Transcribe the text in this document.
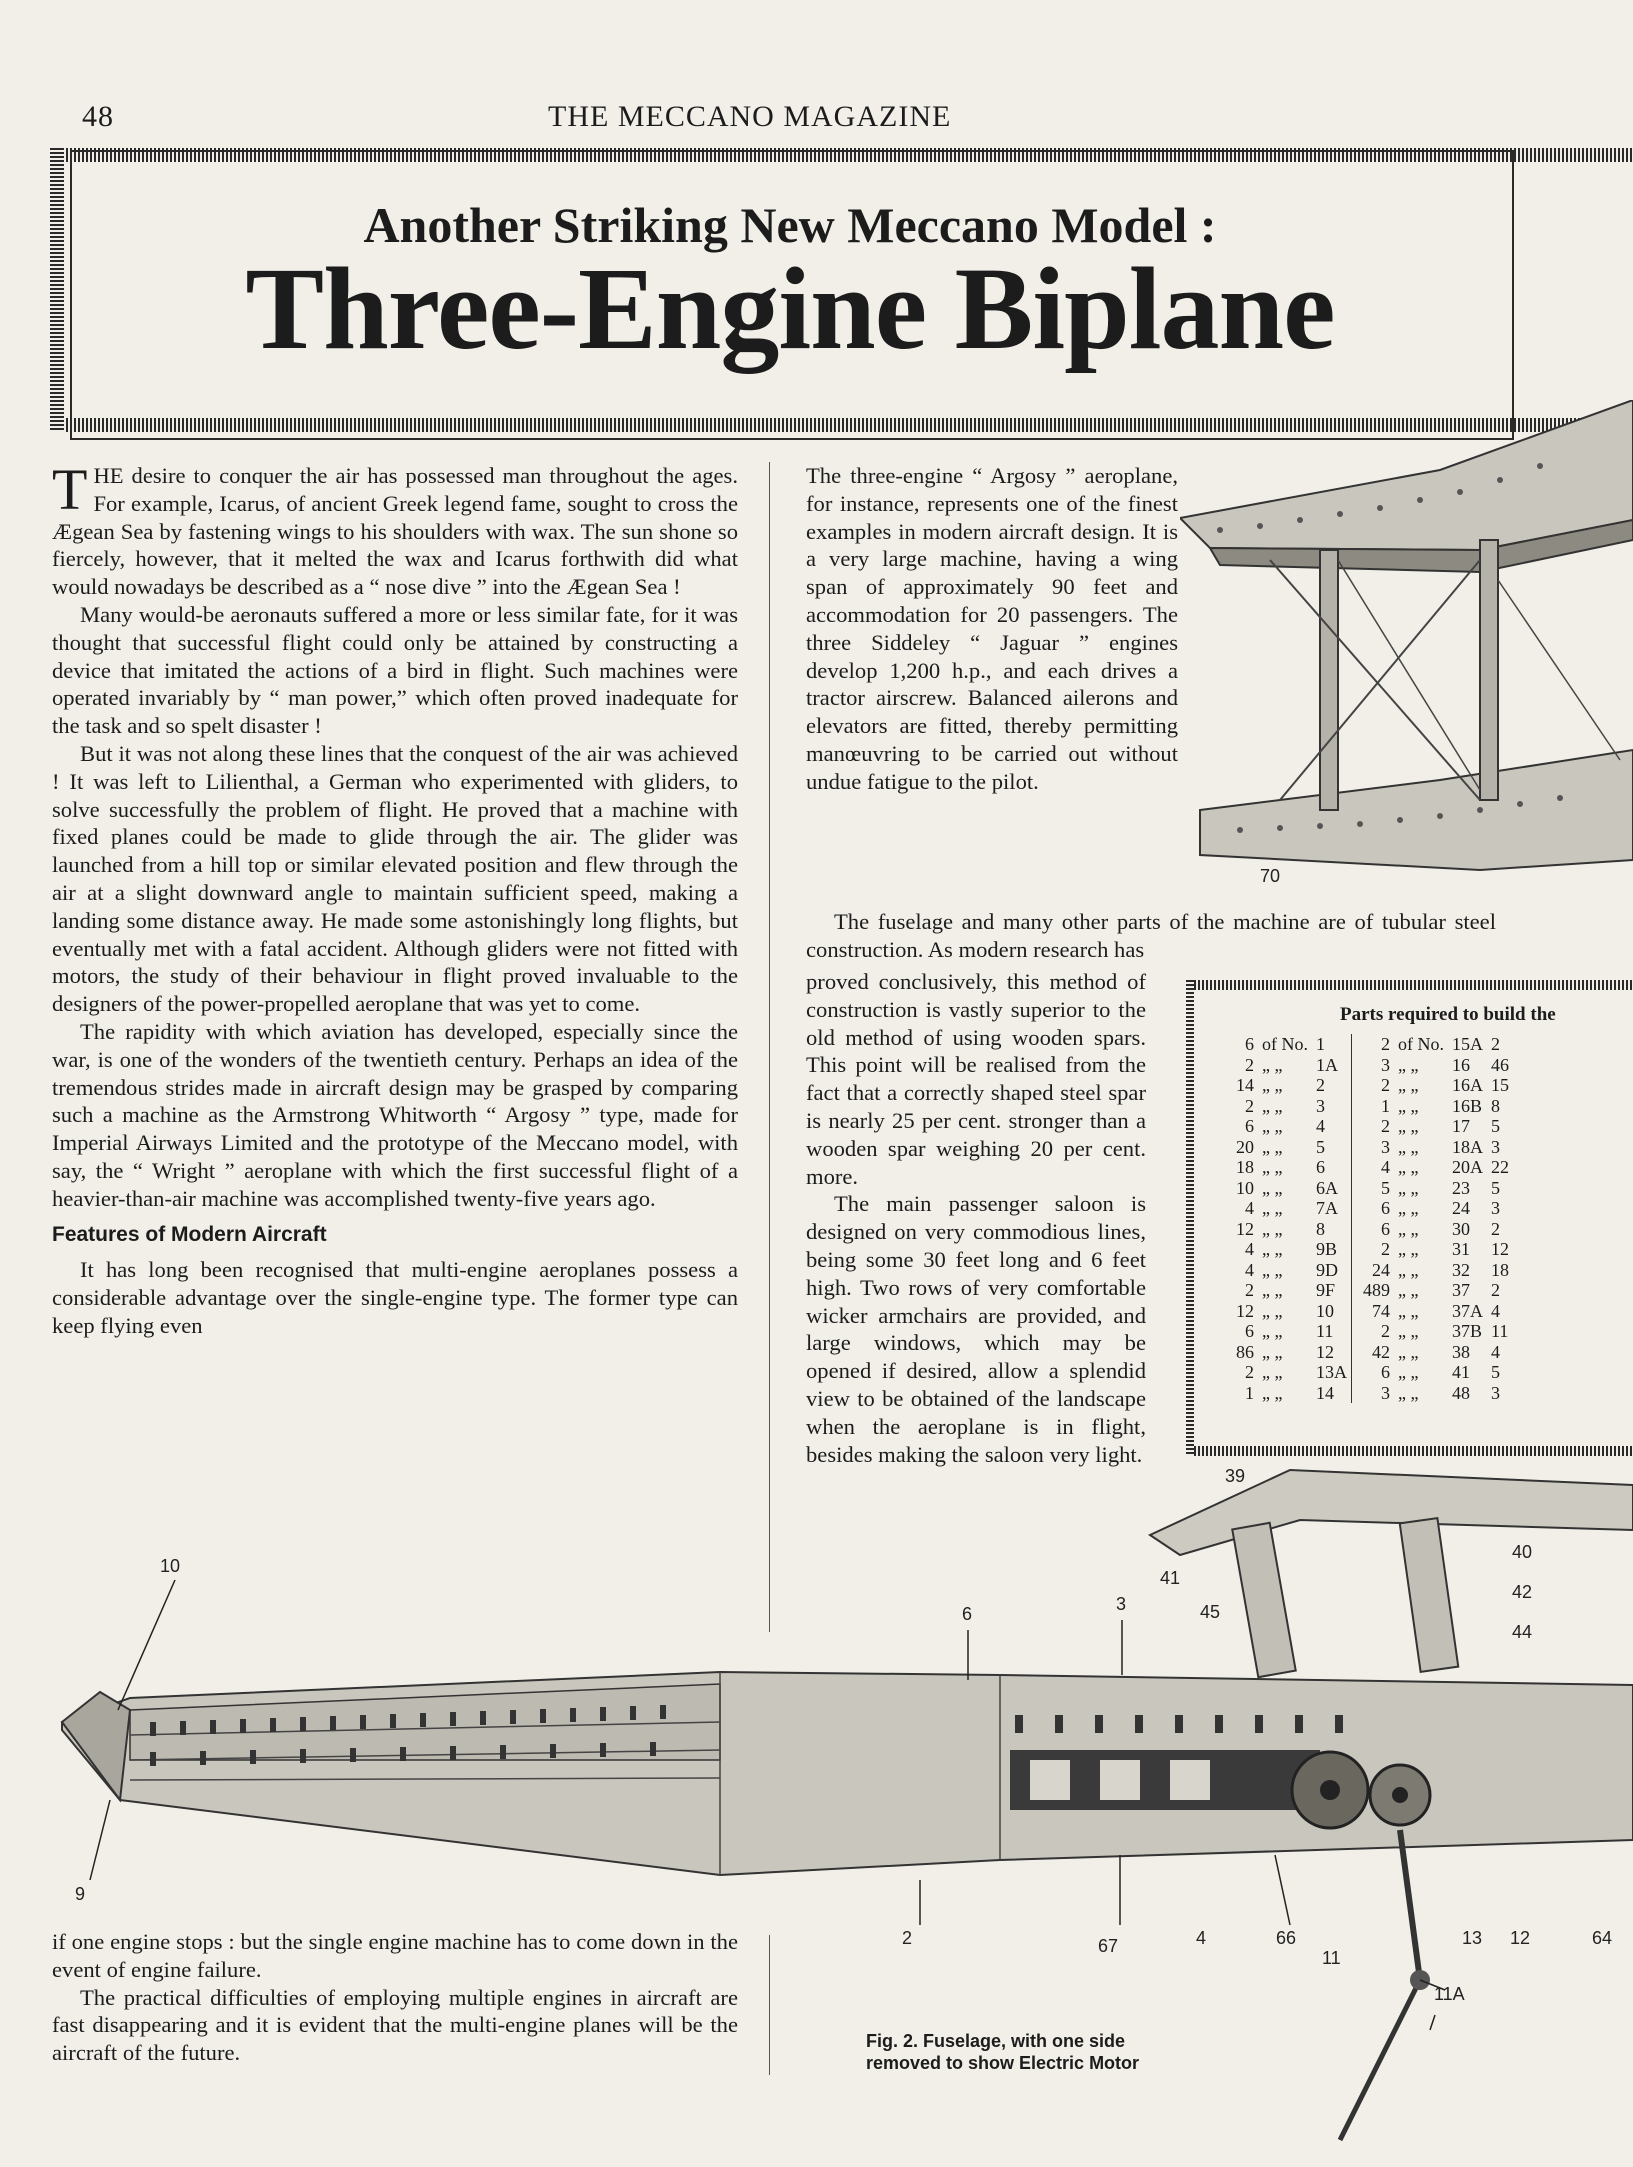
48	THE MECCANO MAGAZINE
Another Striking New Meccano Model :
Three-Engine Biplane
70

THE desire to conquer the air has possessed man throughout the ages. For example, Icarus, of ancient Greek legend fame, sought to cross the Ægean Sea by fastening wings to his shoulders with wax. The sun shone so fiercely, however, that it melted the wax and Icarus forthwith did what would nowadays be described as a “ nose dive ” into the Ægean Sea !

Many would-be aeronauts suffered a more or less similar fate, for it was thought that successful flight could only be attained by constructing a device that imitated the actions of a bird in flight. Such machines were operated invariably by “ man power,” which often proved inadequate for the task and so spelt disaster !

But it was not along these lines that the conquest of the air was achieved ! It was left to Lilienthal, a German who experimented with gliders, to solve successfully the problem of flight. He proved that a machine with fixed planes could be made to glide through the air. The glider was launched from a hill top or similar elevated position and flew through the air at a slight downward angle to maintain sufficient speed, making a landing some distance away. He made some astonishingly long flights, but eventually met with a fatal accident. Although gliders were not fitted with motors, the study of their behaviour in flight proved invaluable to the designers of the power-propelled aeroplane that was yet to come.

The rapidity with which aviation has developed, especially since the war, is one of the wonders of the twentieth century. Perhaps an idea of the tremendous strides made in aircraft design may be grasped by comparing such a machine as the Armstrong Whitworth “ Argosy ” type, made for Imperial Airways Limited and the prototype of the Meccano model, with say, the “ Wright ” aeroplane with which the first successful flight of a heavier-than-air machine was accomplished twenty-five years ago.

Features of Modern Aircraft

It has long been recognised that multi-engine aeroplanes possess a considerable advantage over the single-engine type. The former type can keep flying even

The three-engine “ Argosy ” aeroplane, for instance, represents one of the finest examples in modern aircraft design. It is a very large machine, having a wing span of approximately 90 feet and accommodation for 20 passengers. The three Siddeley “ Jaguar ” engines develop 1,200 h.p., and each drives a tractor airscrew. Balanced ailerons and elevators are fitted, thereby permitting manœuvring to be carried out without undue fatigue to the pilot.

The fuselage and many other parts of the machine are of tubular steel construction. As modern research has

proved conclusively, this method of construction is vastly superior to the old method of using wooden spars. This point will be realised from the fact that a correctly shaped steel spar is nearly 25 per cent. stronger than a wooden spar weighing 20 per cent. more.

The main passenger saloon is designed on very commodious lines, being some 30 feet long and 6 feet high. Two rows of very comfortable wicker armchairs are provided, and large windows, which may be opened if desired, allow a splendid view to be obtained of the landscape when the aeroplane is in flight, besides making the saloon very light.

Parts required to build the
6	of No.	1		2	of No.	15A	2
2	„ „	1A		3	„ „	16	46
14	„ „	2		2	„ „	16A	15
2	„ „	3		1	„ „	16B	8
6	„ „	4		2	„ „	17	5
20	„ „	5		3	„ „	18A	3
18	„ „	6		4	„ „	20A	22
10	„ „	6A		5	„ „	23	5
4	„ „	7A		6	„ „	24	3
12	„ „	8		6	„ „	30	2
4	„ „	9B		2	„ „	31	12
4	„ „	9D		24	„ „	32	18
2	„ „	9F		489	„ „	37	2
12	„ „	10		74	„ „	37A	4
6	„ „	11		2	„ „	37B	11
86	„ „	12		42	„ „	38	4
2	„ „	13A		6	„ „	41	5
1	„ „	14		3	„ „	48	3
39
40
41
42
45
44
6	3
10
9
2	67	4	66	13 12	64
11
11A

if one engine stops : but the single engine machine has to come down in the event of engine failure.

The practical difficulties of employing multiple engines in aircraft are fast disappearing and it is evident that the multi-engine planes will be the aircraft of the future.	Fig. 2. Fuselage, with one side
removed to show Electric Motor
